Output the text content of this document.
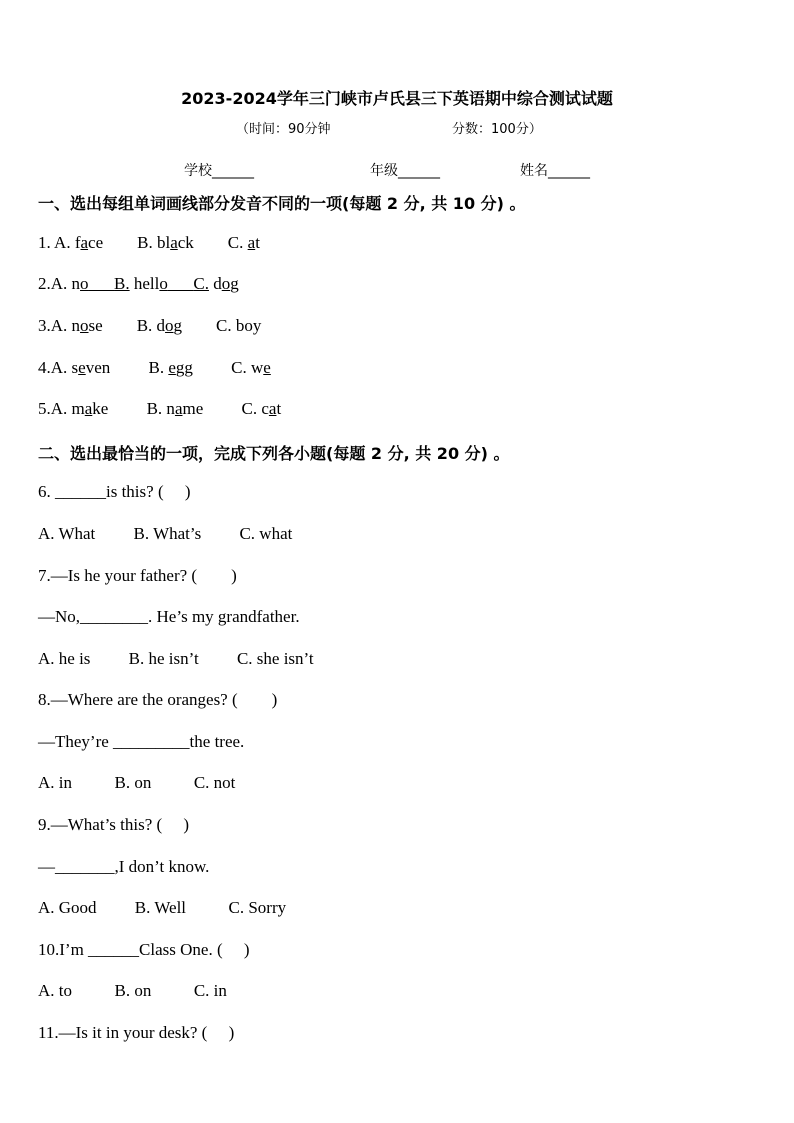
2023-2024学年三门峡市卢氏县三下英语期中综合测试试题
（时间：90分钟	分数：100分）
学校______	年级______	姓名______
一、选出每组单词画线部分发音不同的一项(每题 2 分, 共 10 分) 。
1. A. face B. black C. at
2.A. no B. hello C. dog
3.A. nose B. dog C. boy
4.A. seven B. egg C. we
5.A. make B. name C. cat
二、选出最恰当的一项，完成下列各小题(每题 2 分, 共 20 分) 。
6. ______is this? (     )
A. What         B. What’s         C. what
7.—Is he your father? (        )
—No,________. He’s my grandfather.
A. he is         B. he isn’t         C. she isn’t
8.—Where are the oranges? (        )
—They’re _________the tree.
A. in          B. on          C. not
9.—What’s this? (     )
—_______,I don’t know.
A. Good         B. Well          C. Sorry
10.I’m ______Class One. (     )
A. to          B. on          C. in
11.—Is it in your desk? (     )
